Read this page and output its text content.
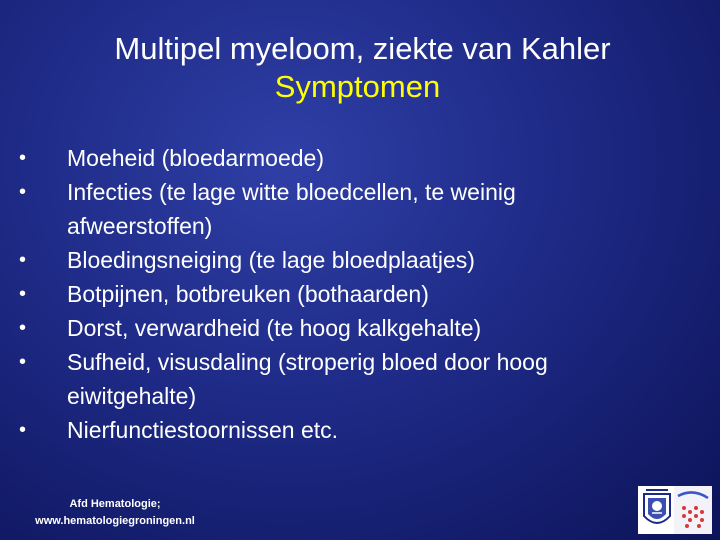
Multipel myeloom, ziekte van Kahler
Symptomen
• Moeheid (bloedarmoede)
• Infecties (te lage witte bloedcellen, te weinig afweerstoffen)
• Bloedingsneiging (te lage bloedplaatjes)
• Botpijnen, botbreuken (bothaarden)
• Dorst, verwardheid (te hoog kalkgehalte)
• Sufheid, visusdaling (stroperig bloed door hoog eiwitgehalte)
• Nierfunctiestoornissen etc.
Afd Hematologie;
www.hematologiegroningen.nl
